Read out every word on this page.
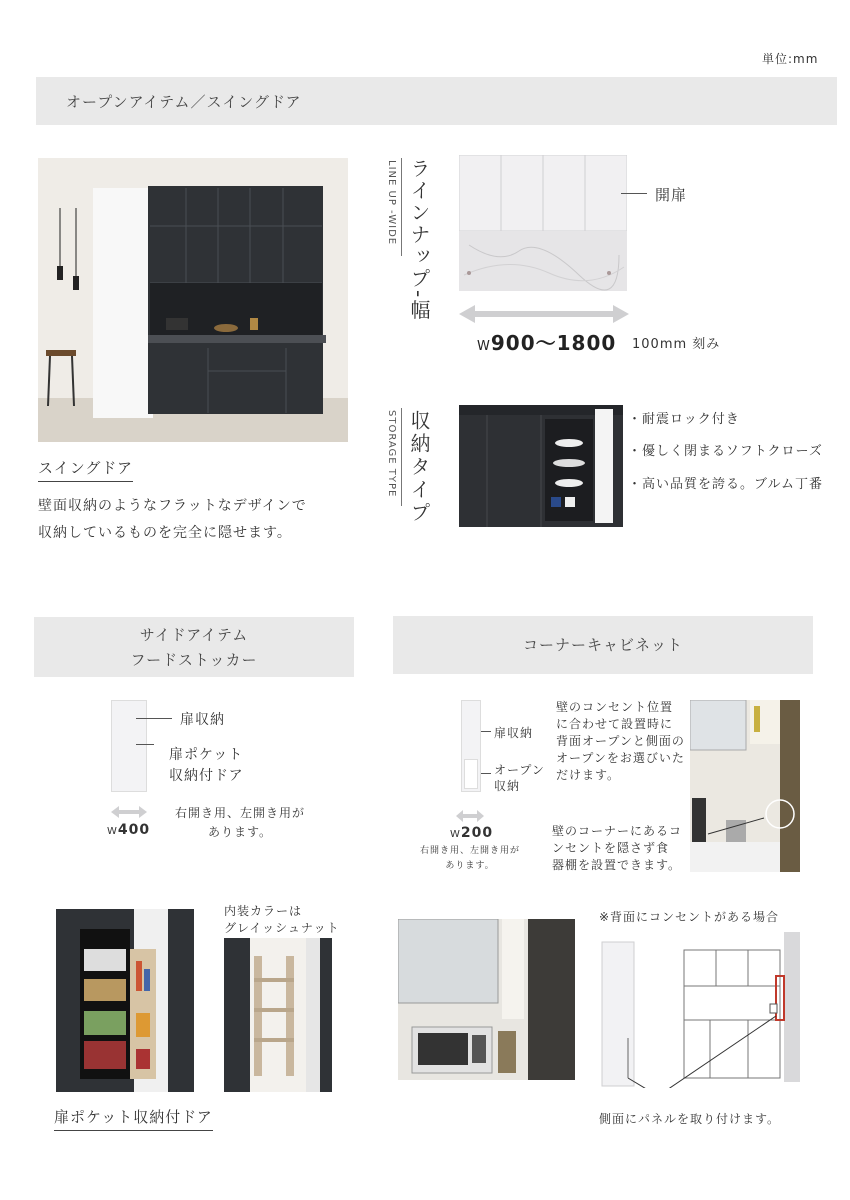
単位:mm
オープンアイテム／スイングドア
スイングドア
壁面収納のようなフラットなデザインで
収納しているものを完全に隠せます。
LINE UP -WIDE ラインナップ-幅	開扉
W900～1800 100mm 刻み
STORAGE TYPE 収納タイプ	・耐震ロック付き
・優しく閉まるソフトクローズ
・高い品質を誇る。ブルム丁番
サイドアイテム
フードストッカー
コーナーキャビネット
扉収納
扉ポケット
収納付ドア
W400
右開き用、左開き用が
あります。
扉収納
オープン
収納
W200
右開き用、左開き用が
あります。
壁のコンセント位置
に合わせて設置時に
背面オープンと側面の
オープンをお選びいた
だけます。
壁のコーナーにあるコ
ンセントを隠さず食
器棚を設置できます。
内装カラーは
グレイッシュナット
扉ポケット収納付ドア
※背面にコンセントがある場合
側面にパネルを取り付けます。
